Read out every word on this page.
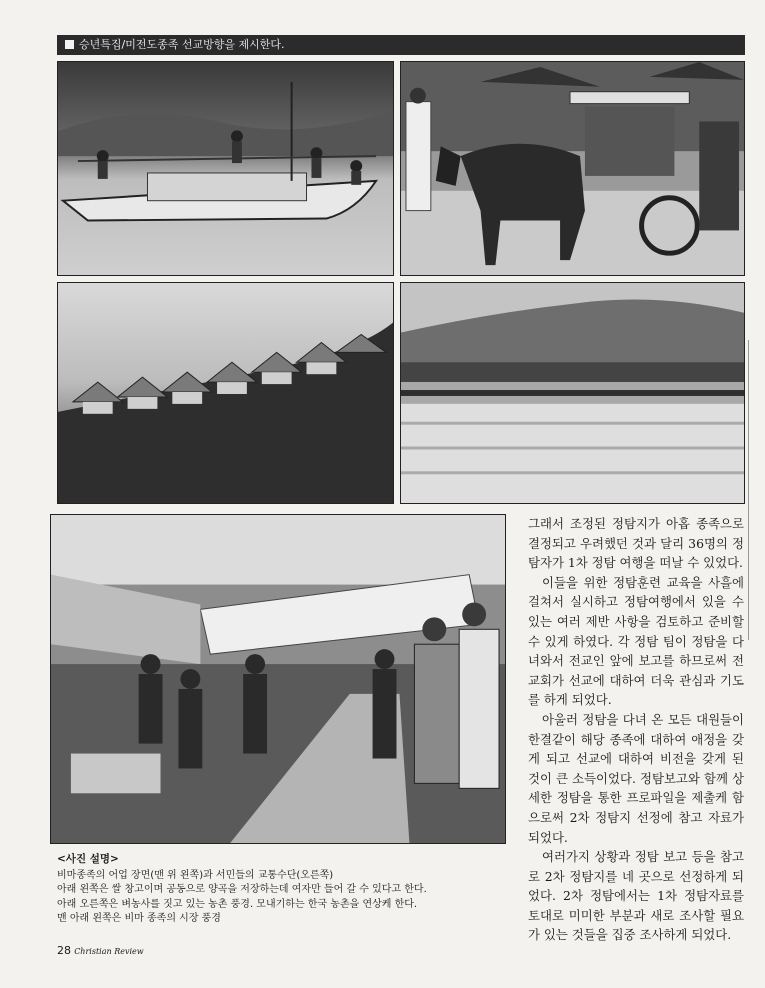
승년특집/미전도종족 선교방향을 제시한다.

그래서 조정된 정탐지가 아홉 종족으로 결정되고 우려했던 것과 달리 36명의 정탐자가 1차 정탐 여행을 떠날 수 있었다.

이들을 위한 정탐훈련 교육을 사흘에 걸쳐서 실시하고 정탐여행에서 있을 수 있는 여러 제반 사항을 검토하고 준비할 수 있게 하였다. 각 정탐 팀이 정탐을 다녀와서 전교인 앞에 보고를 하므로써 전 교회가 선교에 대하여 더욱 관심과 기도를 하게 되었다.

아울러 정탐을 다녀 온 모든 대원들이 한결같이 해당 종족에 대하여 애정을 갖게 되고 선교에 대하여 비전을 갖게 된 것이 큰 소득이었다. 정탐보고와 함께 상세한 정탐을 통한 프로파일을 제출케 함으로써 2차 정탐지 선정에 참고 자료가 되었다.

여러가지 상황과 정탐 보고 등을 참고로 2차 정탐지를 네 곳으로 선정하게 되었다. 2차 정탐에서는 1차 정탐자료를 토대로 미미한 부분과 새로 조사할 필요가 있는 것들을 집중 조사하게 되었다.

<사진 설명>
비마종족의 어업 장면(맨 위 왼쪽)과 서민들의 교통수단(오른쪽)
아래 왼쪽은 쌀 창고이며 공동으로 양곡을 저장하는데 여자만 들어 갈 수 있다고 한다.
아래 오른쪽은 벼농사를 짓고 있는 농촌 풍경. 모내기하는 한국 농촌을 연상케 한다.
맨 아래 왼쪽은 비마 종족의 시장 풍경
28 Christian Review
